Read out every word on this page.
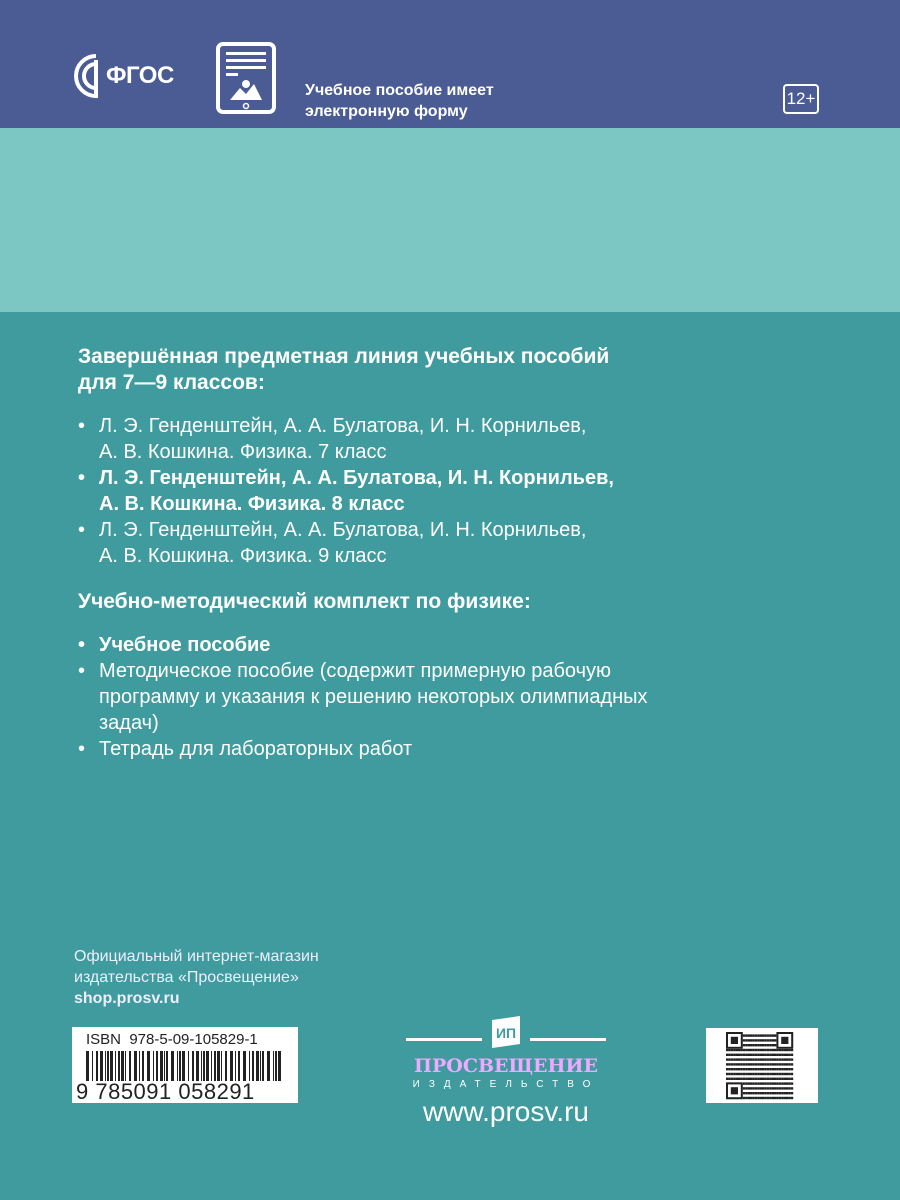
ФГОС
Учебное пособие имеет
электронную форму
12+
Завершённая предметная линия учебных пособий
для 7—9 классов:
• Л. Э. Генденштейн, А. А. Булатова, И. Н. Корнильев,
А. В. Кошкина. Физика. 7 класс
• Л. Э. Генденштейн, А. А. Булатова, И. Н. Корнильев,
А. В. Кошкина. Физика. 8 класс
• Л. Э. Генденштейн, А. А. Булатова, И. Н. Корнильев,
А. В. Кошкина. Физика. 9 класс
Учебно-методический комплект по физике:
• Учебное пособие
• Методическое пособие (содержит примерную рабочую
программу и указания к решению некоторых олимпиадных
задач)
• Тетрадь для лабораторных работ
Официальный интернет-магазин
издательства «Просвещение»
shop.prosv.ru
ISBN  978-5-09-105829-1
9 785091 058291
ИП
ПРОСВЕЩЕНИЕ
ИЗДАТЕЛЬСТВО
www.prosv.ru
